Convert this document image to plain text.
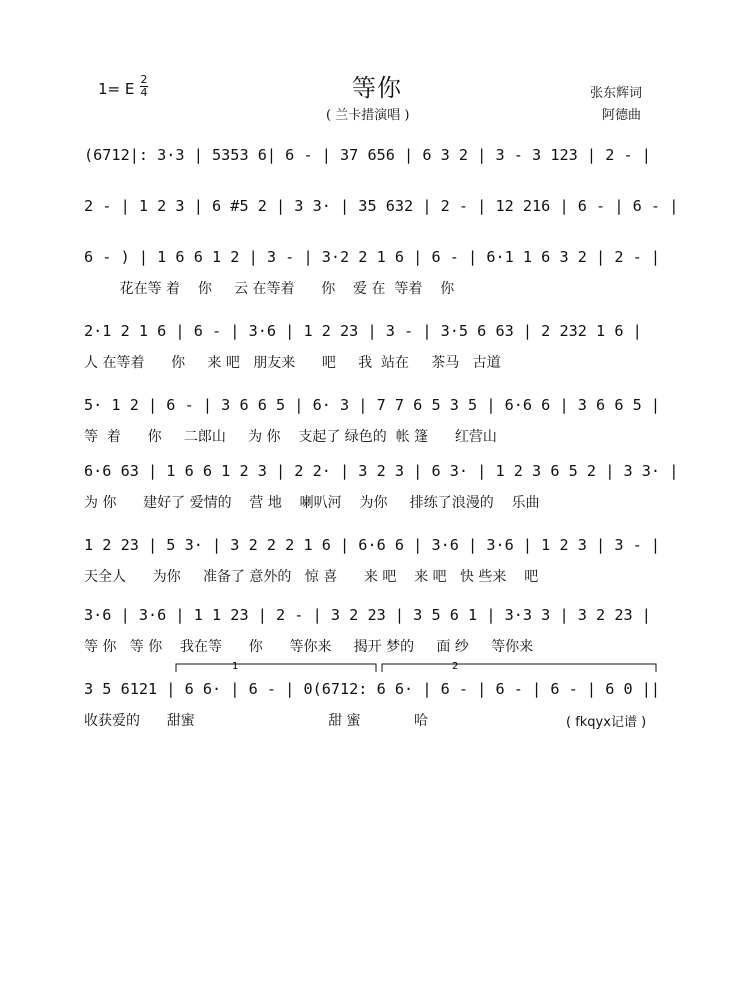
1= E
2
4	等你
( 兰卡措演唱 )
张东辉词
阿德曲
(6712|: 3·3 | 5353 6| 6 - | 37 656 | 6 3 2 | 3 - 3 123 | 2 - |
2 - | 1 2 3 | 6 #5 2 | 3 3· | 35 632 | 2 - | 12 216 | 6 - | 6 - |
6 - ) | 1 6 6 1 2 | 3 - | 3·2 2 1 6 | 6 - | 6·1 1 6 3 2 | 2 - |
花在等 着    你     云 在等着      你    爱 在  等着    你
2·1 2 1 6 | 6 - | 3·6 | 1 2 23 | 3 - | 3·5 6 63 | 2 232 1 6 |
人 在等着      你     来 吧   朋友来      吧     我  站在     茶马   古道
5· 1 2 | 6 - | 3 6 6 5 | 6· 3 | 7 7 6 5 3 5 | 6·6 6 | 3 6 6 5 |
等  着      你     二郎山     为 你    支起了 绿色的  帐 篷      红营山
6·6 63 | 1 6 6 1 2 3 | 2 2· | 3 2 3 | 6 3· | 1 2 3 6 5 2 | 3 3· |
为 你      建好了 爱情的    营 地    喇叭河    为你     排练了浪漫的    乐曲
1 2 23 | 5 3· | 3 2 2 2 1 6 | 6·6 6 | 3·6 | 3·6 | 1 2 3 | 3 - |
天全人      为你     准备了 意外的   惊 喜      来 吧    来 吧   快 些来    吧
3·6 | 3·6 | 1 1 23 | 2 - | 3 2 23 | 3 5 6 1 | 3·3 3 | 3 2 23 |
等 你   等 你    我在等      你      等你来     揭开 梦的     面 纱     等你来
3 5 6121 | 6 6· | 6 - | 0(6712: 6 6· | 6 - | 6 - | 6 - | 6 0 ||
收获爱的      甜蜜                              甜 蜜            哈
1	2
( fkqyx记谱 )
